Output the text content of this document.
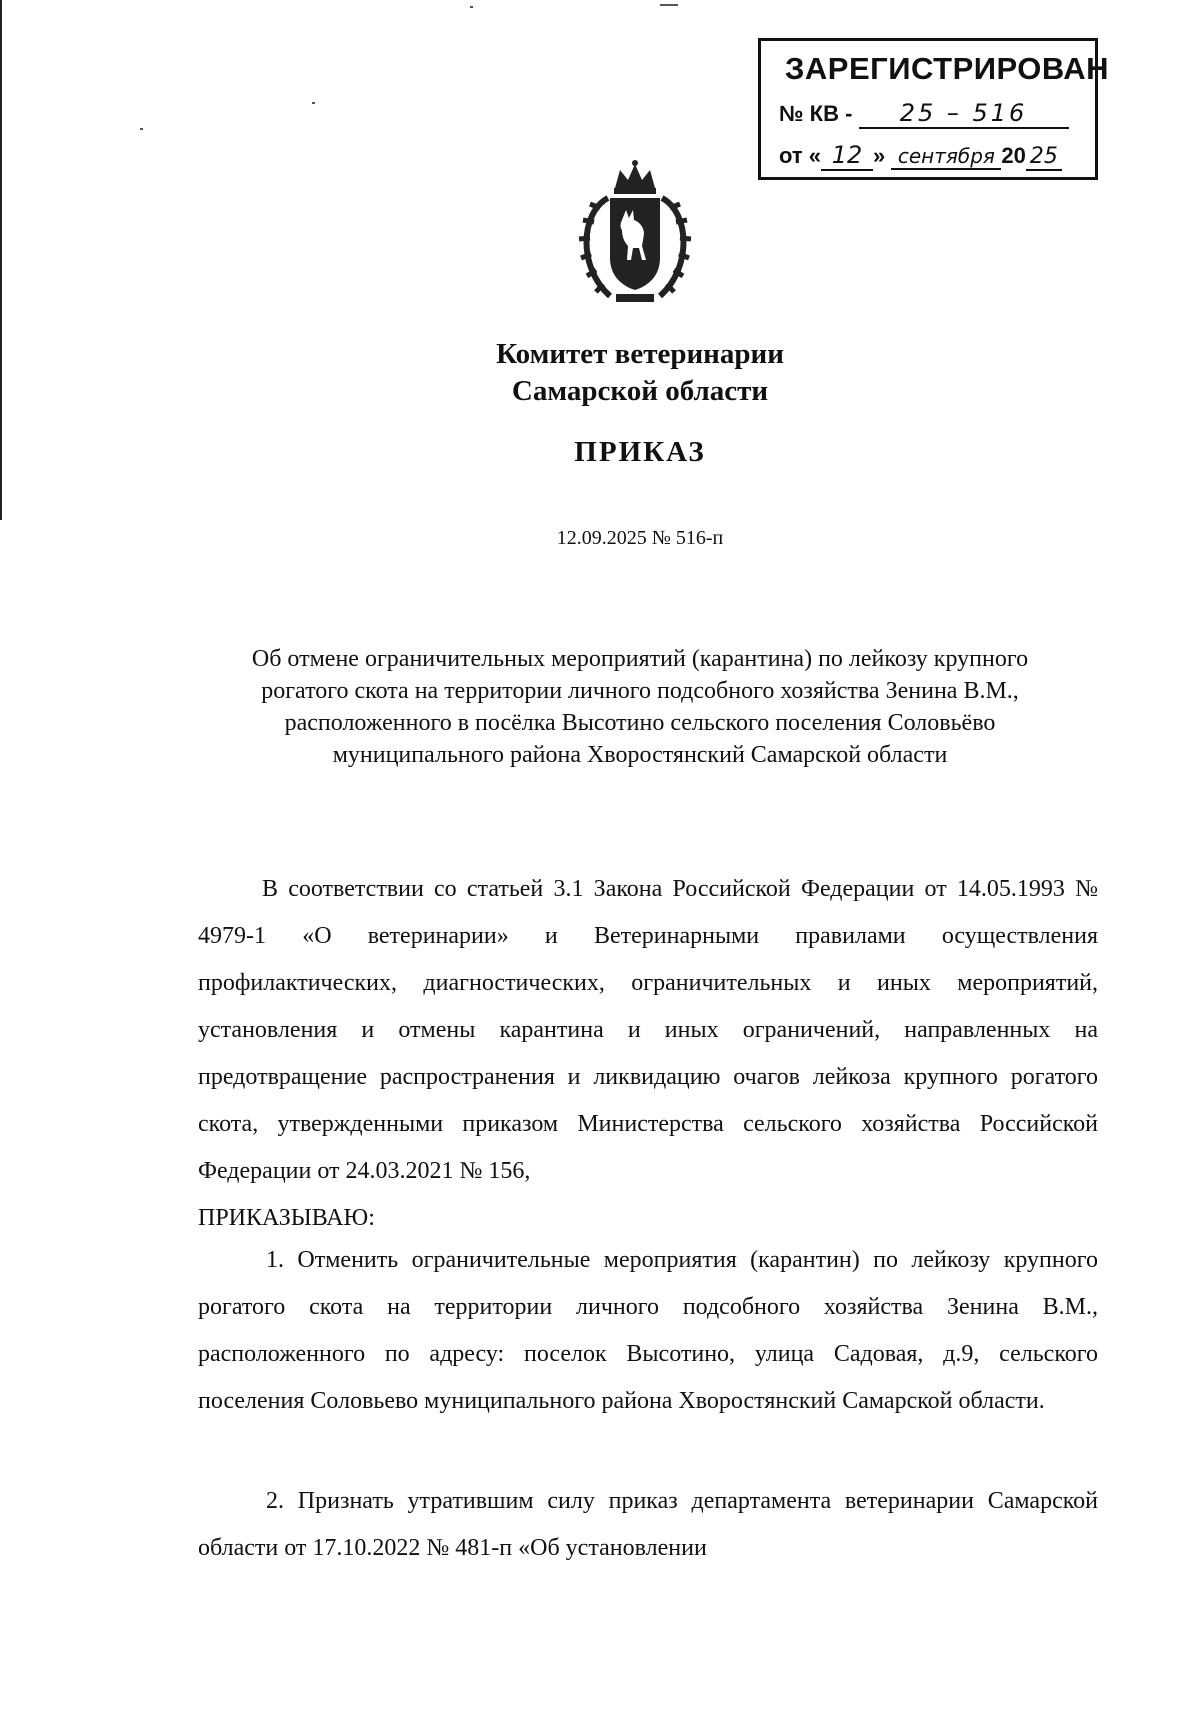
ЗАРЕГИСТРИРОВАН
№ КВ - 25 – 516
от « 12 » сентября 20 25
Комитет ветеринарии
Самарской области
ПРИКАЗ
12.09.2025 № 516-п
Об отмене ограничительных мероприятий (карантина) по лейкозу крупного
рогатого скота на территории личного подсобного хозяйства Зенина В.М.,
расположенного в посёлка Высотино сельского поселения Соловьёво
муниципального района Хворостянский Самарской области
В соответствии со статьей 3.1 Закона Российской Федерации от 14.05.1993 № 4979-1 «О ветеринарии» и Ветеринарными правилами осуществления профилактических, диагностических, ограничительных и иных мероприятий, установления и отмены карантина и иных ограничений, направленных на предотвращение распространения и ликвидацию очагов лейкоза крупного рогатого скота, утвержденными приказом Министерства сельского хозяйства Российской Федерации от 24.03.2021 № 156,
ПРИКАЗЫВАЮ:
1. Отменить ограничительные мероприятия (карантин) по лейкозу крупного рогатого скота на территории личного подсобного хозяйства Зенина В.М., расположенного по адресу: поселок Высотино, улица Садовая, д.9, сельского поселения Соловьево муниципального района Хворостянский Самарской области.
2. Признать утратившим силу приказ департамента ветеринарии Самарской области от 17.10.2022 № 481-п «Об установлении
